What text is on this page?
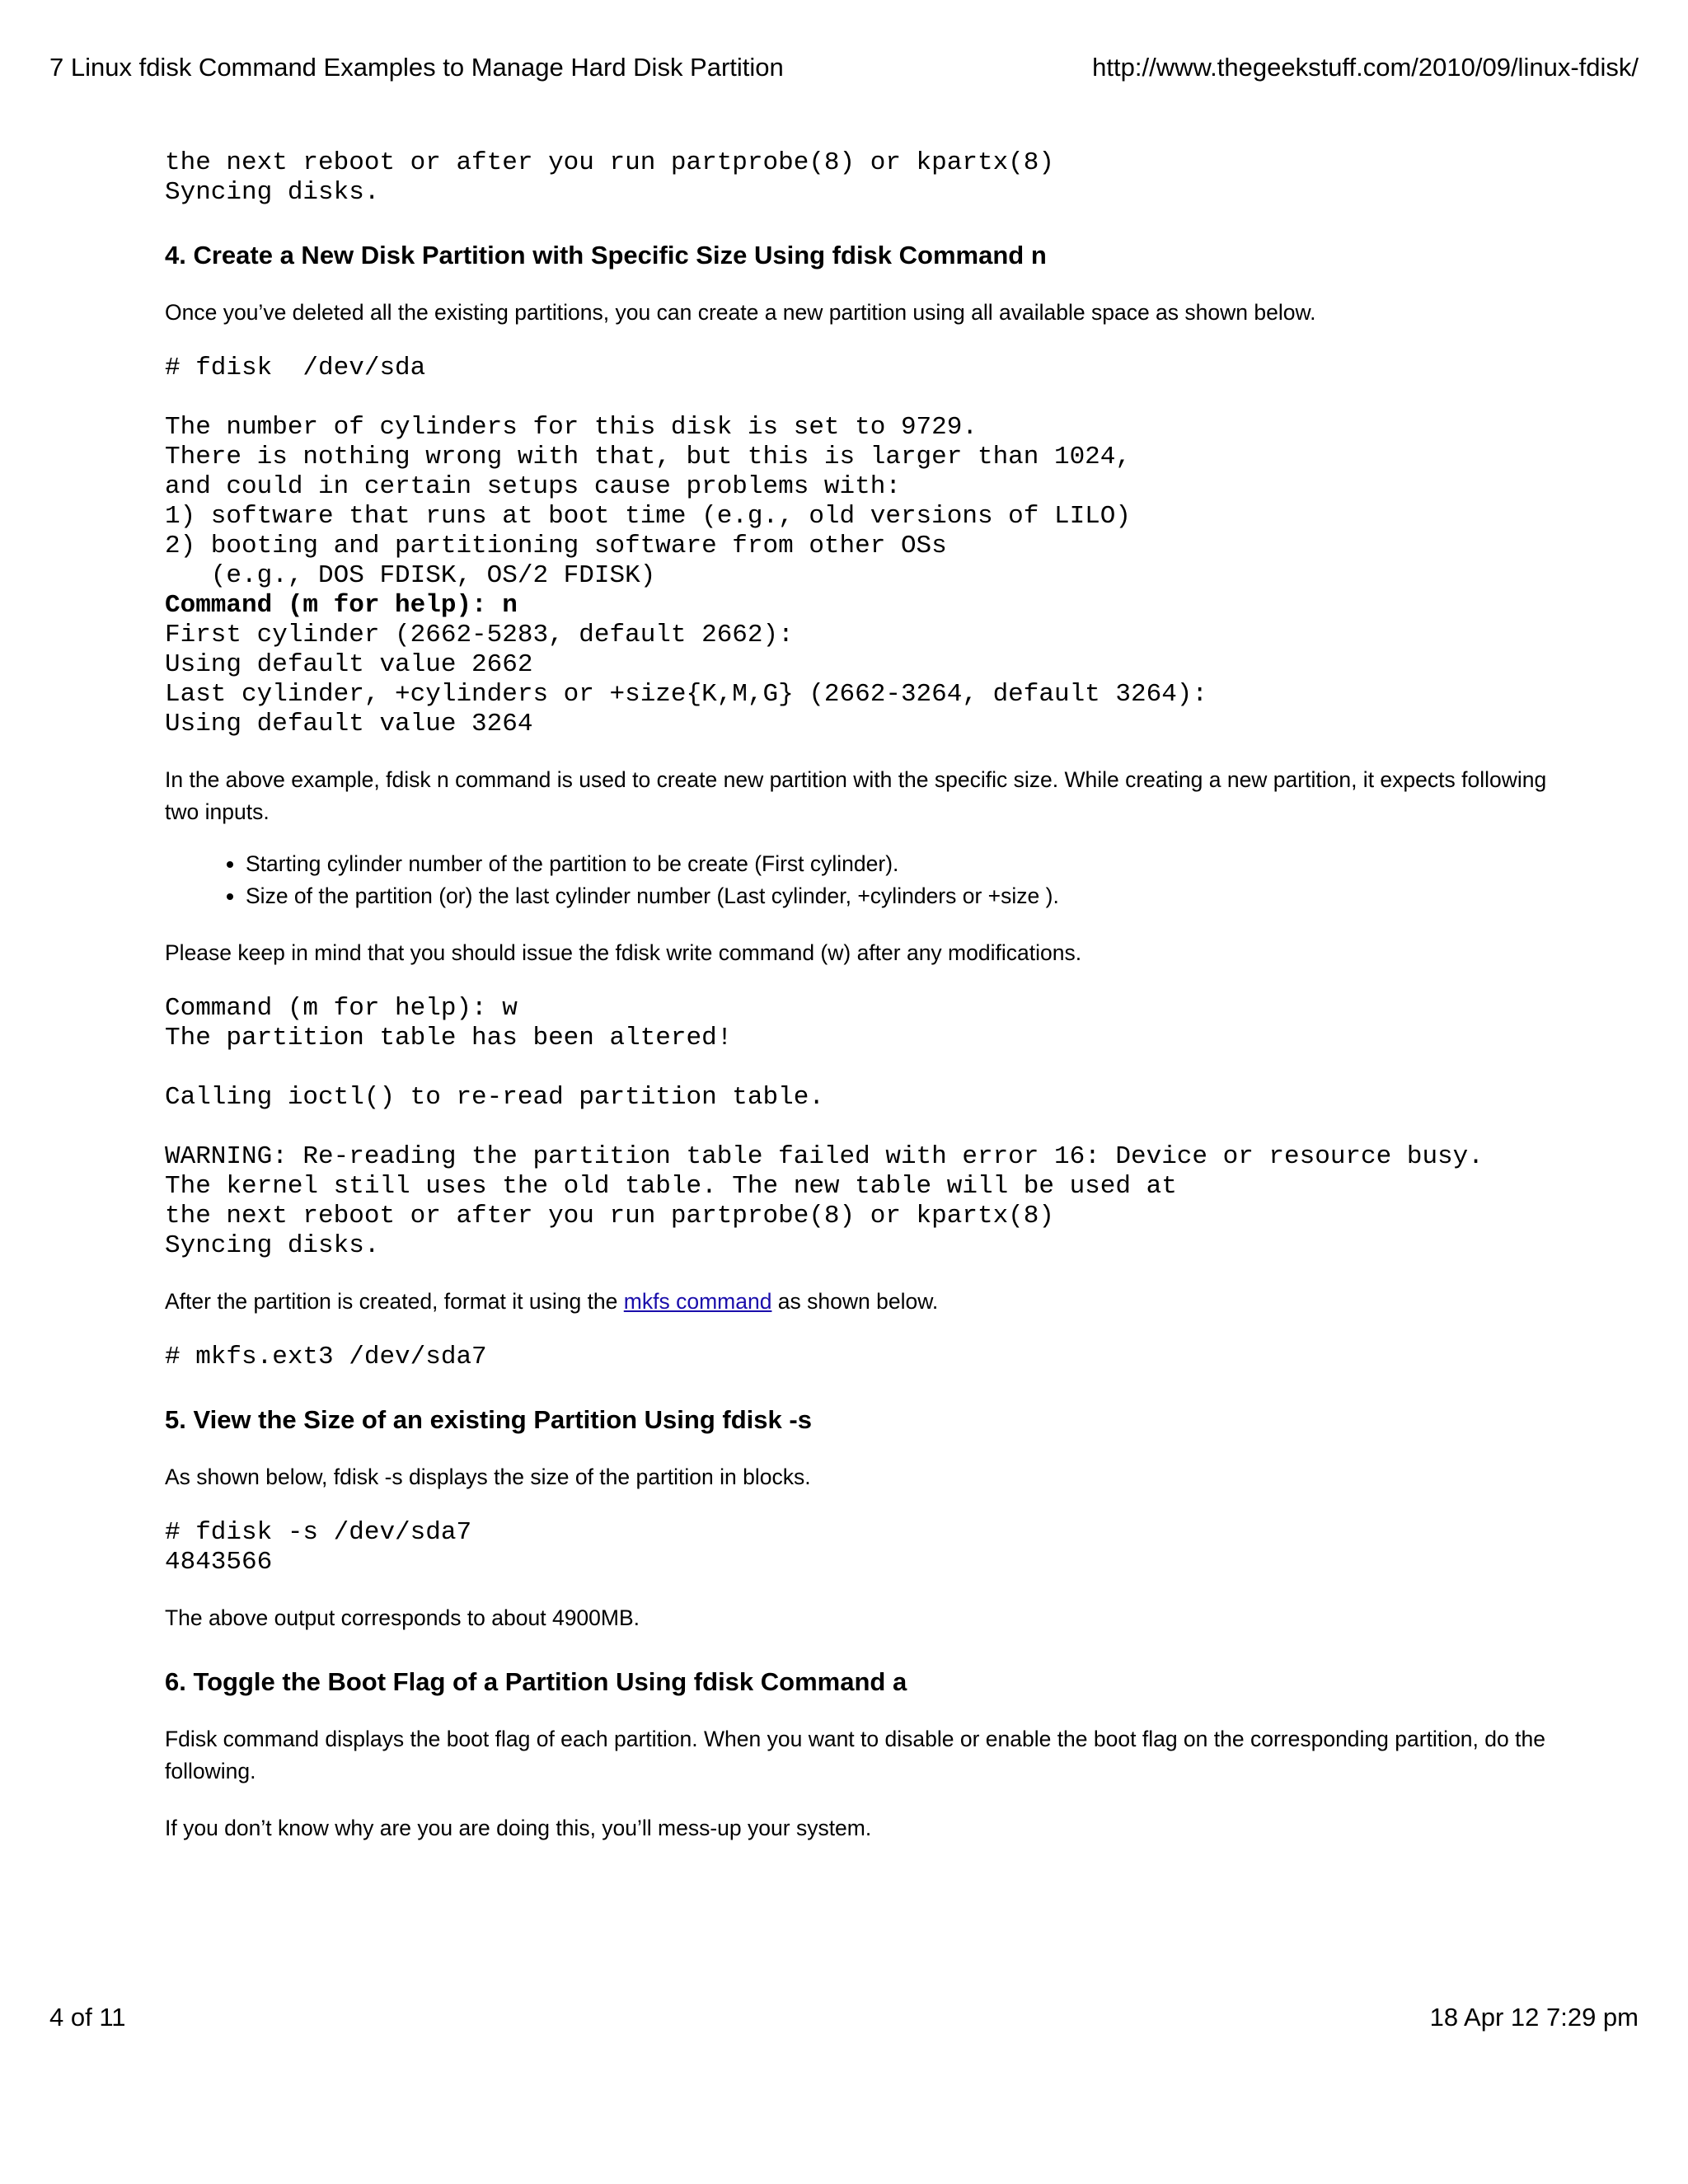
7 Linux fdisk Command Examples to Manage Hard Disk Partition	http://www.thegeekstuff.com/2010/09/linux-fdisk/
the next reboot or after you run partprobe(8) or kpartx(8)
Syncing disks.
4. Create a New Disk Partition with Specific Size Using fdisk Command n

Once you’ve deleted all the existing partitions, you can create a new partition using all available space as shown below.

# fdisk  /dev/sda

The number of cylinders for this disk is set to 9729.
There is nothing wrong with that, but this is larger than 1024,
and could in certain setups cause problems with:
1) software that runs at boot time (e.g., old versions of LILO)
2) booting and partitioning software from other OSs
(e.g., DOS FDISK, OS/2 FDISK)
Command (m for help): n
First cylinder (2662-5283, default 2662):
Using default value 2662
Last cylinder, +cylinders or +size{K,M,G} (2662-3264, default 3264):
Using default value 3264

In the above example, fdisk n command is used to create new partition with the specific size. While creating a new partition, it expects following two inputs.

• Starting cylinder number of the partition to be create (First cylinder).
• Size of the partition (or) the last cylinder number (Last cylinder, +cylinders or +size ).

Please keep in mind that you should issue the fdisk write command (w) after any modifications.

Command (m for help): w
The partition table has been altered!

Calling ioctl() to re-read partition table.

WARNING: Re-reading the partition table failed with error 16: Device or resource busy.
The kernel still uses the old table. The new table will be used at
the next reboot or after you run partprobe(8) or kpartx(8)
Syncing disks.

After the partition is created, format it using the mkfs command as shown below.

# mkfs.ext3 /dev/sda7
5. View the Size of an existing Partition Using fdisk -s

As shown below, fdisk -s displays the size of the partition in blocks.

# fdisk -s /dev/sda7
4843566

The above output corresponds to about 4900MB.

6. Toggle the Boot Flag of a Partition Using fdisk Command a

Fdisk command displays the boot flag of each partition. When you want to disable or enable the boot flag on the corresponding partition, do the following.

If you don’t know why are you are doing this, you’ll mess-up your system.

4 of 11	18 Apr 12 7:29 pm
